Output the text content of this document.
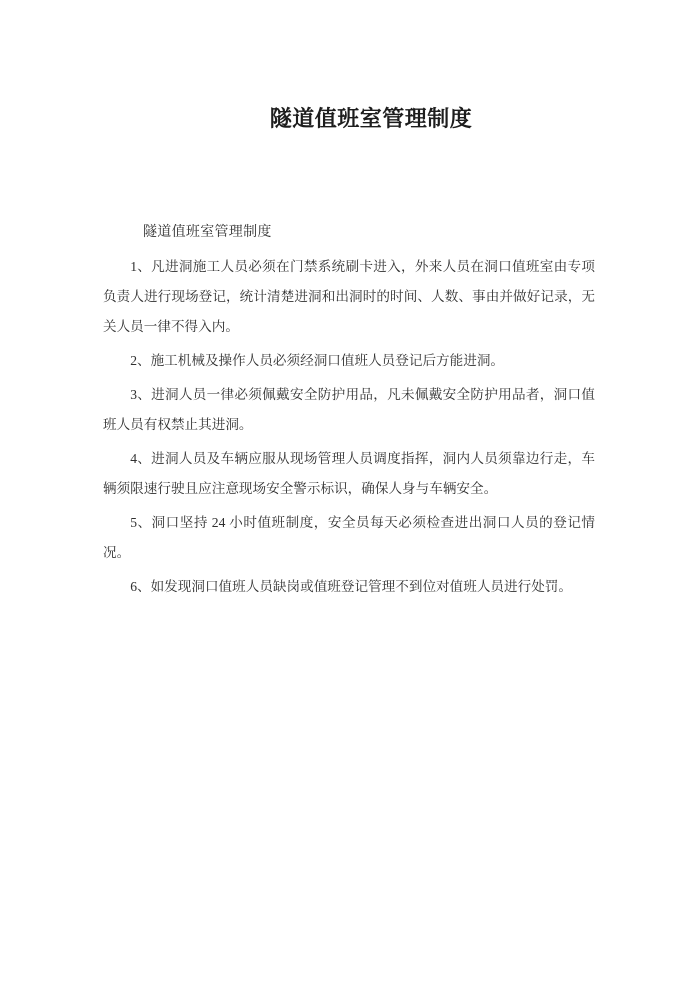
隧道值班室管理制度
隧道值班室管理制度

1、凡进洞施工人员必须在门禁系统刷卡进入，外来人员在洞口值班室由专项负责人进行现场登记，统计清楚进洞和出洞时的时间、人数、事由并做好记录，无关人员一律不得入内。

2、施工机械及操作人员必须经洞口值班人员登记后方能进洞。

3、进洞人员一律必须佩戴安全防护用品，凡未佩戴安全防护用品者，洞口值班人员有权禁止其进洞。

4、进洞人员及车辆应服从现场管理人员调度指挥，洞内人员须靠边行走，车辆须限速行驶且应注意现场安全警示标识，确保人身与车辆安全。

5、洞口坚持 24 小时值班制度，安全员每天必须检查进出洞口人员的登记情况。

6、如发现洞口值班人员缺岗或值班登记管理不到位对值班人员进行处罚。
